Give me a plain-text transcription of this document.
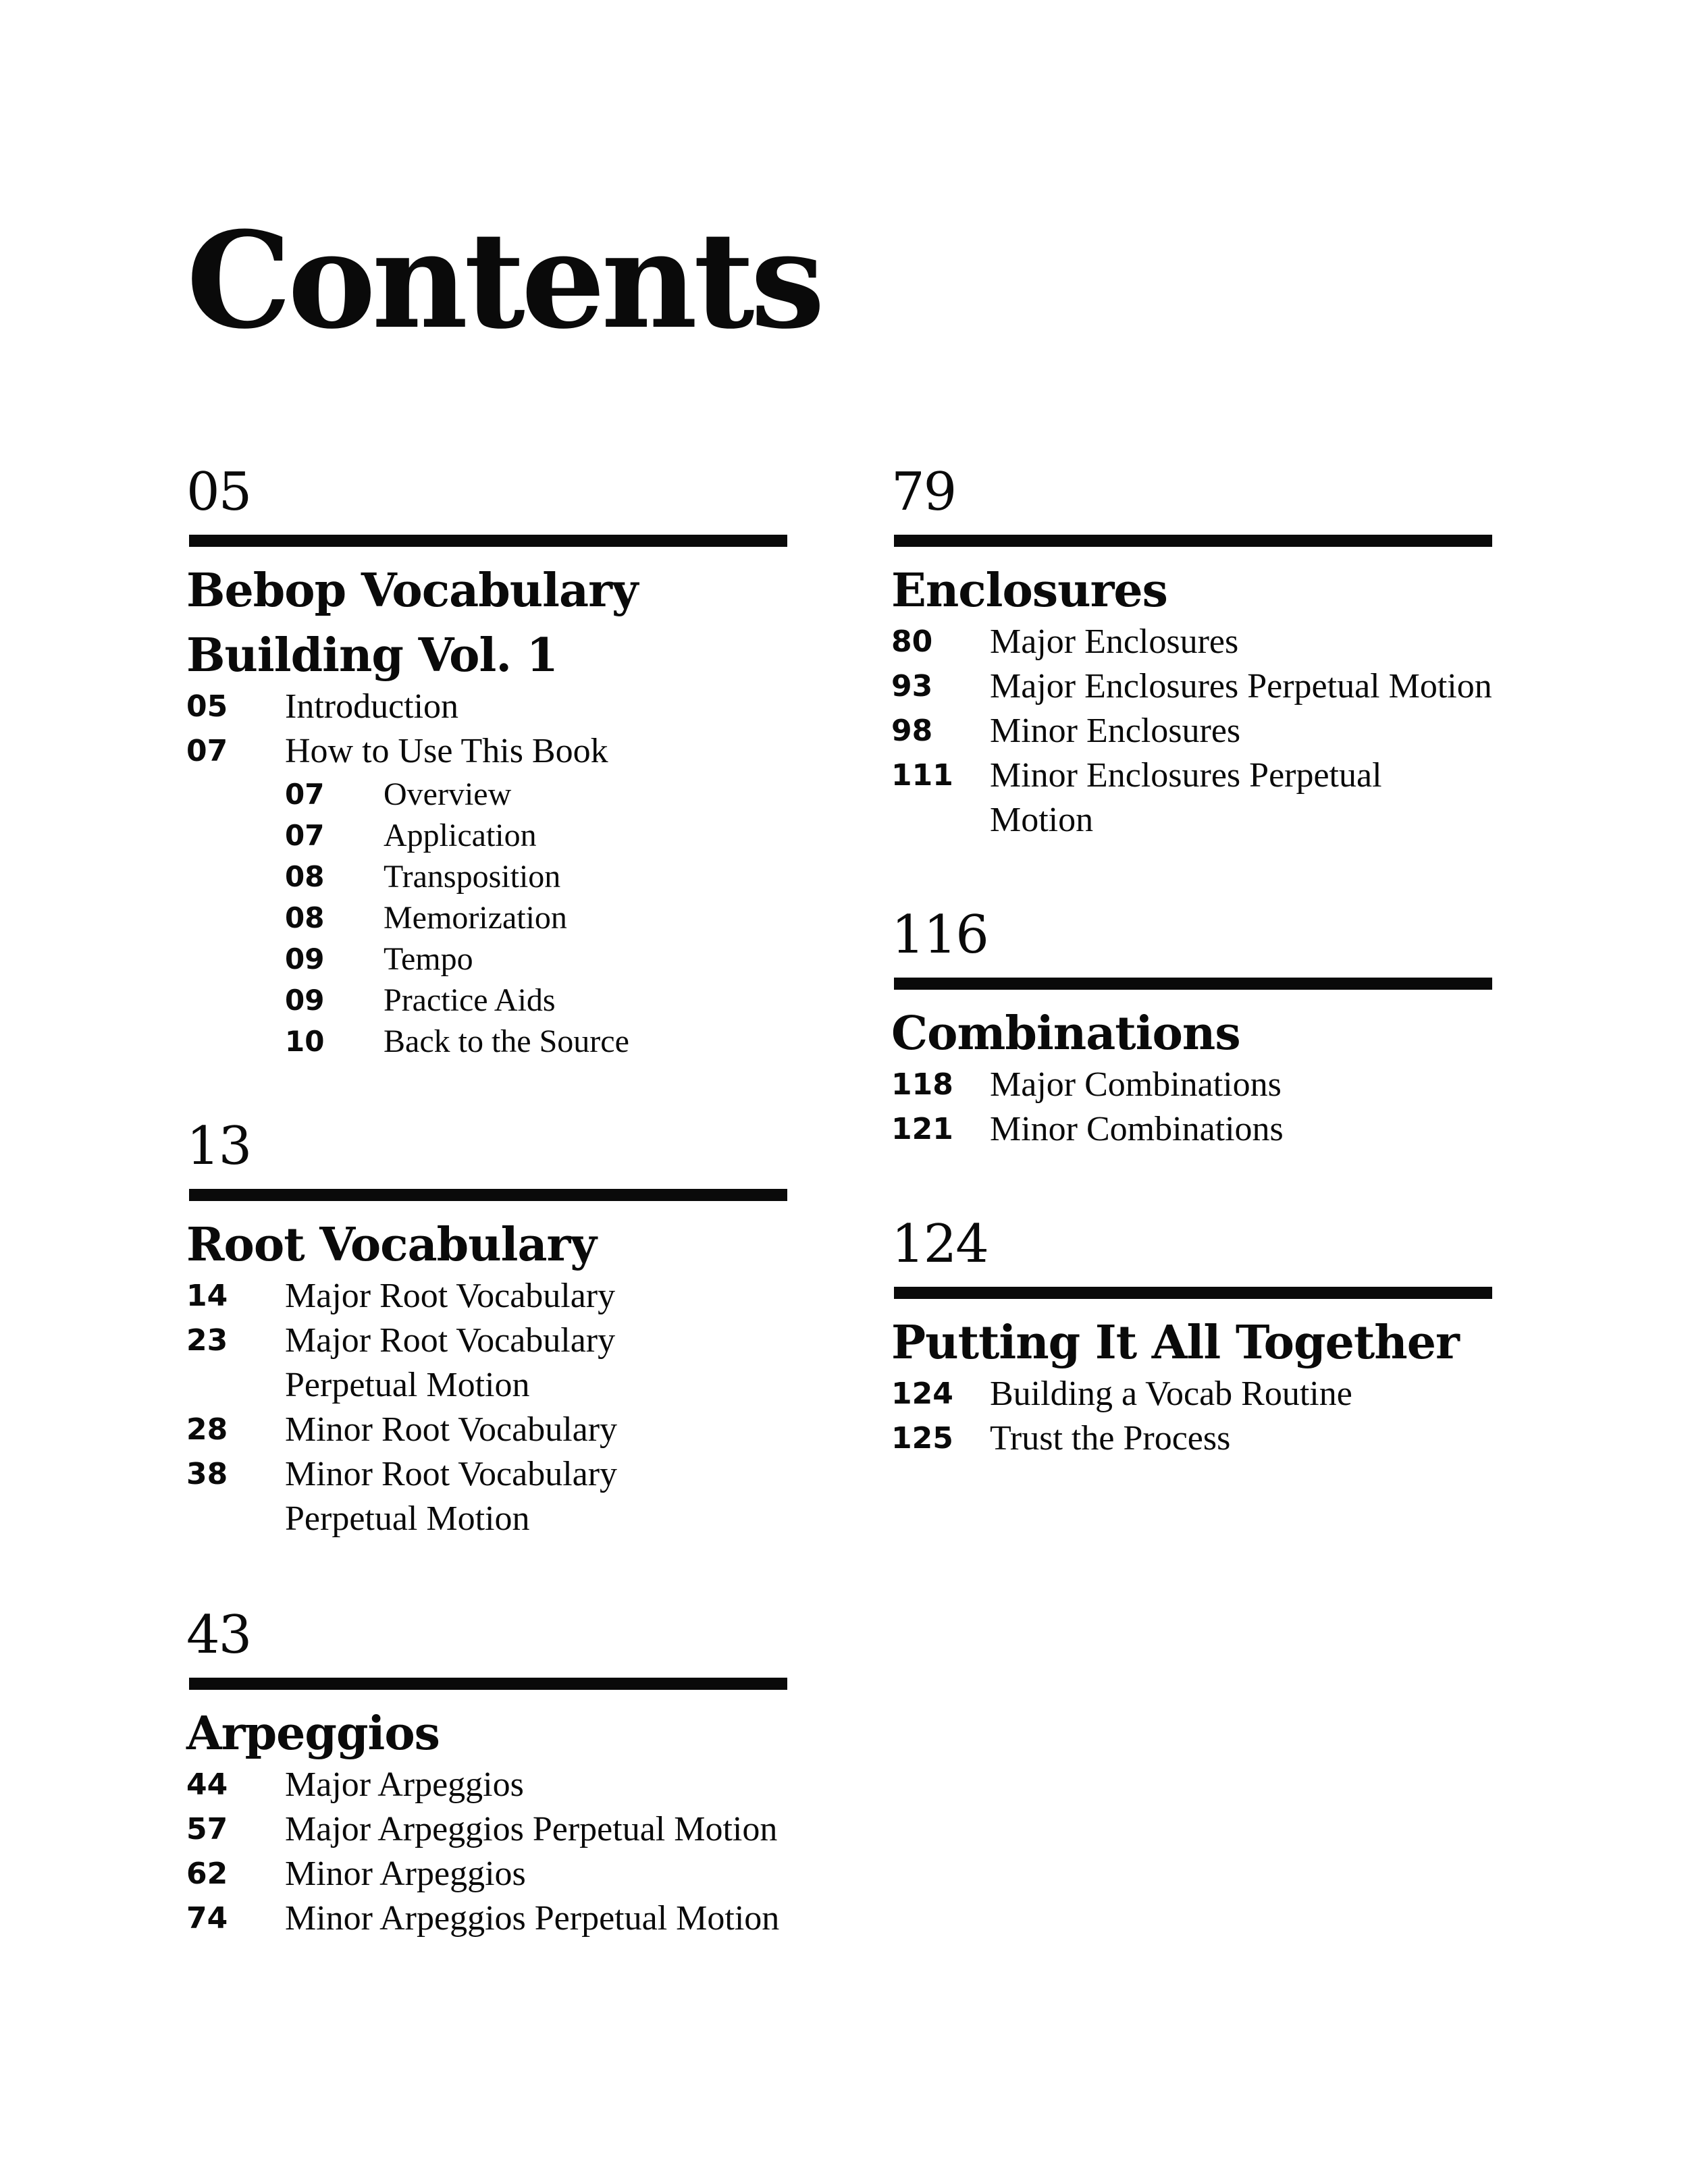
Contents
05
Bebop Vocabulary
Building Vol. 1
05	Introduction
07	How to Use This Book
07	Overview
07	Application
08	Transposition
08	Memorization
09	Tempo
09	Practice Aids
10	Back to the Source
13
Root Vocabulary
14	Major Root Vocabulary
23	Major Root Vocabulary
Perpetual Motion
28	Minor Root Vocabulary
38	Minor Root Vocabulary
Perpetual Motion
43
Arpeggios
44	Major Arpeggios
57	Major Arpeggios Perpetual Motion
62	Minor Arpeggios
74	Minor Arpeggios Perpetual Motion
79
Enclosures
80	Major Enclosures
93	Major Enclosures Perpetual Motion
98	Minor Enclosures
111	Minor Enclosures Perpetual Motion
116
Combinations
118	Major Combinations
121	Minor Combinations
124
Putting It All Together
124	Building a Vocab Routine
125	Trust the Process
